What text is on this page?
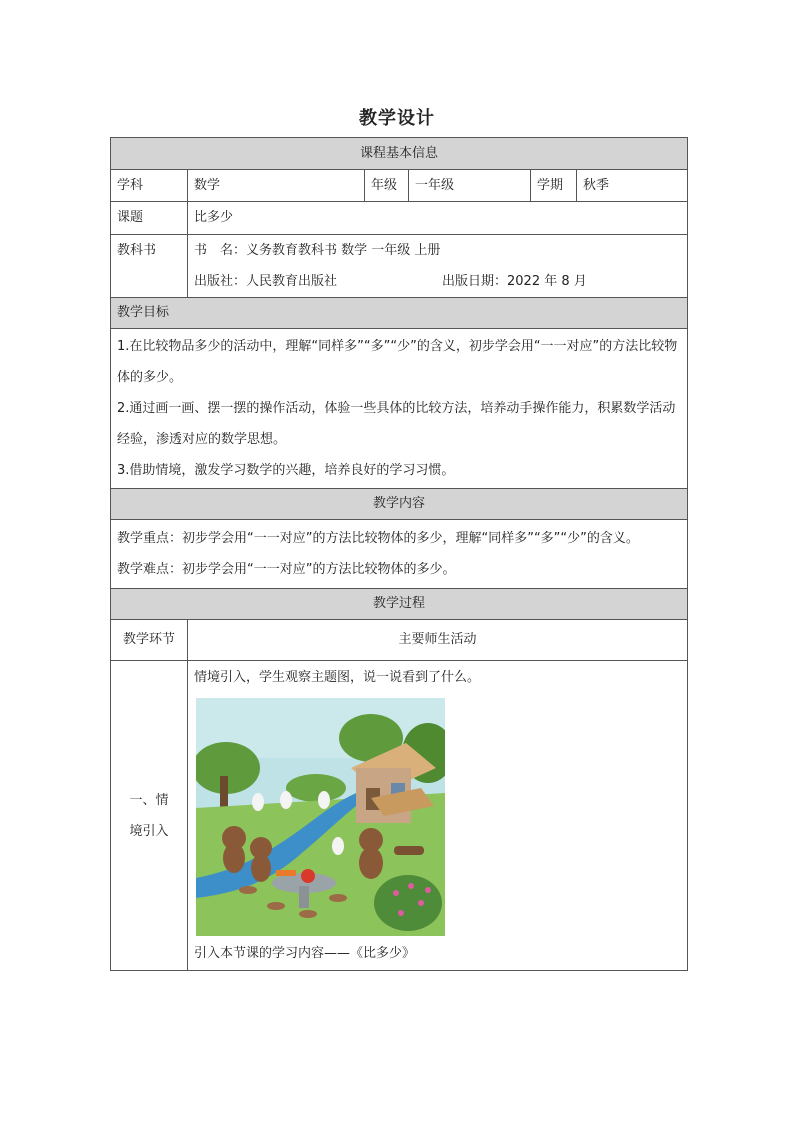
教学设计
课程基本信息					
学科	数学	年级	一年级	学期	秋季
课题	比多少				
教科书	书　名：义务教育教科书 数学 一年级 上册
出版社：人民教育出版社 出版日期：2022 年 8 月				

教学目标					

1.在比较物品多少的活动中，理解“同样多”“多”“少”的含义，初步学会用“一一对应”的方法比较物体的多少。
2.通过画一画、摆一摆的操作活动，体验一些具体的比较方法，培养动手操作能力，积累数学活动经验，渗透对应的数学思想。
3.借助情境，激发学习数学的兴趣，培养良好的学习习惯。					

教学内容					

教学重点：初步学会用“一一对应”的方法比较物体的多少，理解“同样多”“多”“少”的含义。
教学难点：初步学会用“一一对应”的方法比较物体的多少。					

教学过程					
教学环节	主要师生活动				
一、情境引入	情境引入，学生观察主题图，说一说看到了什么。
引入本节课的学习内容——《比多少》				
